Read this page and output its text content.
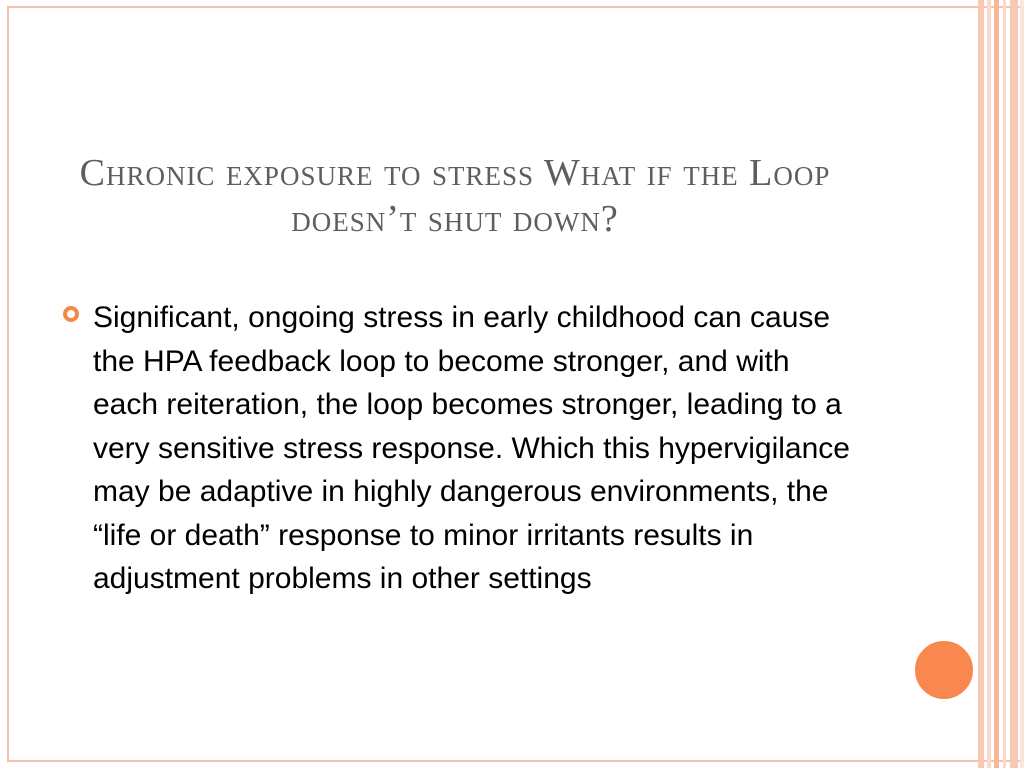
Chronic exposure to stress What if the Loop doesn’t shut down?
Significant, ongoing stress in early childhood can cause the HPA feedback loop to become stronger, and with each reiteration, the loop becomes stronger, leading to a very sensitive stress response. Which this hypervigilance may be adaptive in highly dangerous environments, the “life or death” response to minor irritants results in adjustment problems in other settings
